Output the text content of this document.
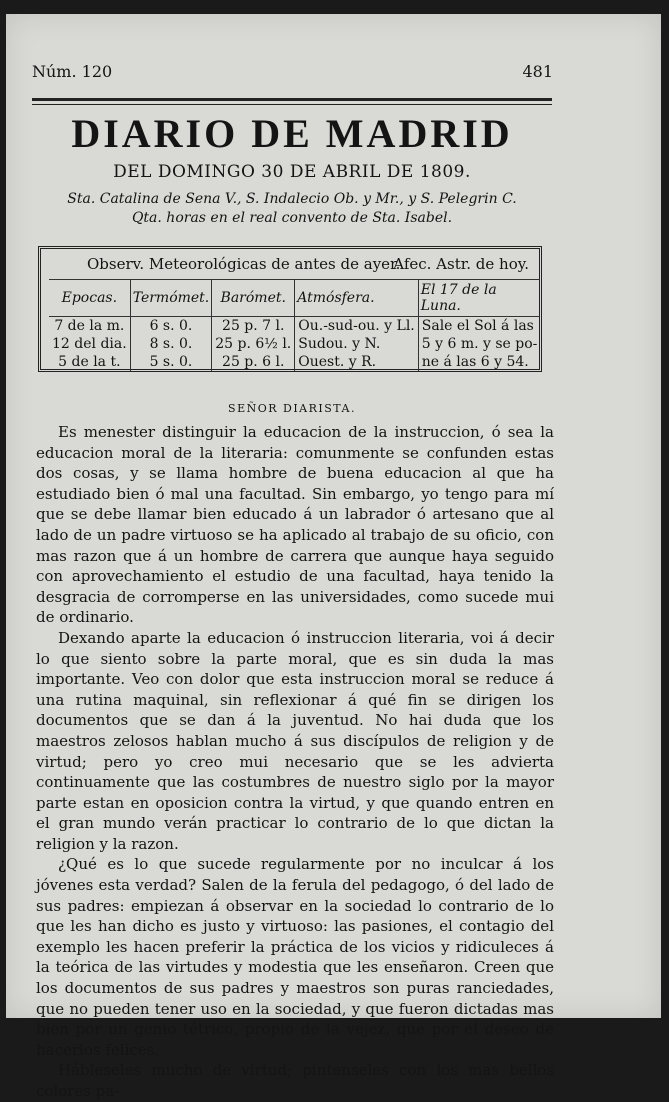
Núm. 120	481
DIARIO DE MADRID
DEL DOMINGO 30 DE ABRIL DE 1809.
Sta. Catalina de Sena V., S. Indalecio Ob. y Mr., y S. Pelegrin C.
Qta. horas en el real convento de Sta. Isabel.
Observ. Meteorológicas de antes de ayer.
Afec. Astr. de hoy.
Epocas.	Termómet.	Barómet.	Atmósfera.	El 17 de la Luna.
7 de la m.	6 s. 0.	25 p. 7 l.	Ou.-sud-ou. y Ll.	Sale el Sol á las
12 del dia.	8 s. 0.	25 p. 6½ l.	Sudou. y N.	5 y 6 m. y se po-
5 de la t.	5 s. 0.	25 p. 6 l.	Ouest. y R.	ne á las 6 y 54.
SEÑOR DIARISTA.

Es menester distinguir la educacion de la instruccion, ó sea la educacion moral de la literaria: comunmente se confunden estas dos cosas, y se llama hombre de buena educacion al que ha estudiado bien ó mal una facultad. Sin embargo, yo tengo para mí que se debe llamar bien educado á un labrador ó artesano que al lado de un padre virtuoso se ha aplicado al trabajo de su oficio, con mas razon que á un hombre de carrera que aunque haya seguido con aprovechamiento el estudio de una facultad, haya tenido la desgracia de corromperse en las universidades, como sucede mui de ordinario.

Dexando aparte la educacion ó instruccion literaria, voi á decir lo que siento sobre la parte moral, que es sin duda la mas importante. Veo con dolor que esta instruccion moral se reduce á una rutina maquinal, sin reflexionar á qué fin se dirigen los documentos que se dan á la juventud. No hai duda que los maestros zelosos hablan mucho á sus discípulos de religion y de virtud; pero yo creo mui necesario que se les advierta continuamente que las costumbres de nuestro siglo por la mayor parte estan en oposicion contra la virtud, y que quando entren en el gran mundo verán practicar lo contrario de lo que dictan la religion y la razon.

¿Qué es lo que sucede regularmente por no inculcar á los jóvenes esta verdad? Salen de la ferula del pedagogo, ó del lado de sus padres: empiezan á observar en la sociedad lo contrario de lo que les han dicho es justo y virtuoso: las pasiones, el contagio del exemplo les hacen preferir la práctica de los vicios y ridiculeces á la teórica de las virtudes y modestia que les enseñaron. Creen que los documentos de sus padres y maestros son puras ranciedades, que no pueden tener uso en la sociedad, y que fueron dictadas mas bien por un genio tétrico, propio de la vejez, que por el deseo de hacerlos felices.

Hábleseles mucho de virtud; píntenseles con los mas bellos colores pa-
